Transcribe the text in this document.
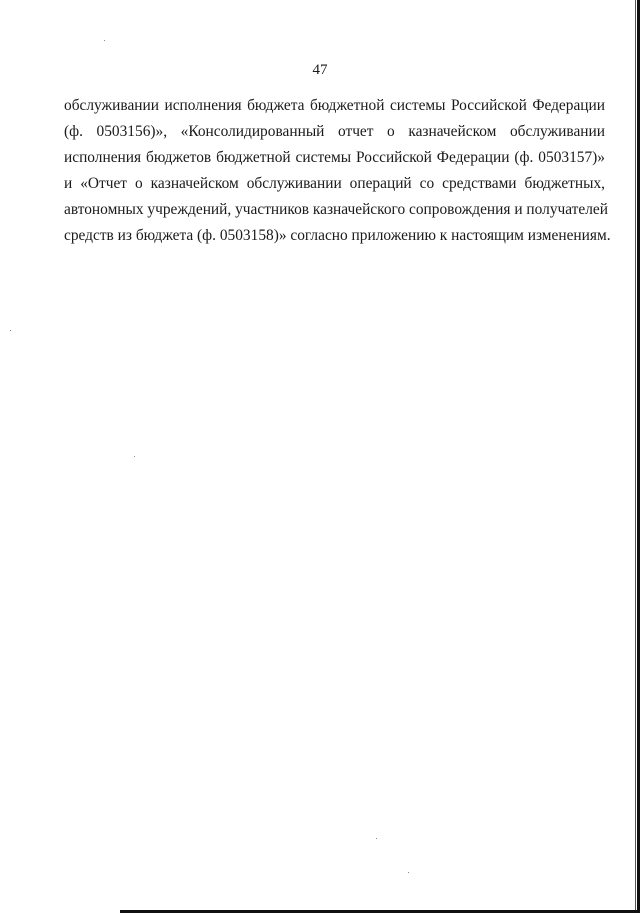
47
обслуживании исполнения бюджета бюджетной системы Российской Федерации
(ф. 0503156)», «Консолидированный отчет о казначейском обслуживании
исполнения бюджетов бюджетной системы Российской Федерации (ф. 0503157)»
и «Отчет о казначейском обслуживании операций со средствами бюджетных,
автономных учреждений, участников казначейского сопровождения и получателей
средств из бюджета (ф. 0503158)» согласно приложению к настоящим изменениям.
